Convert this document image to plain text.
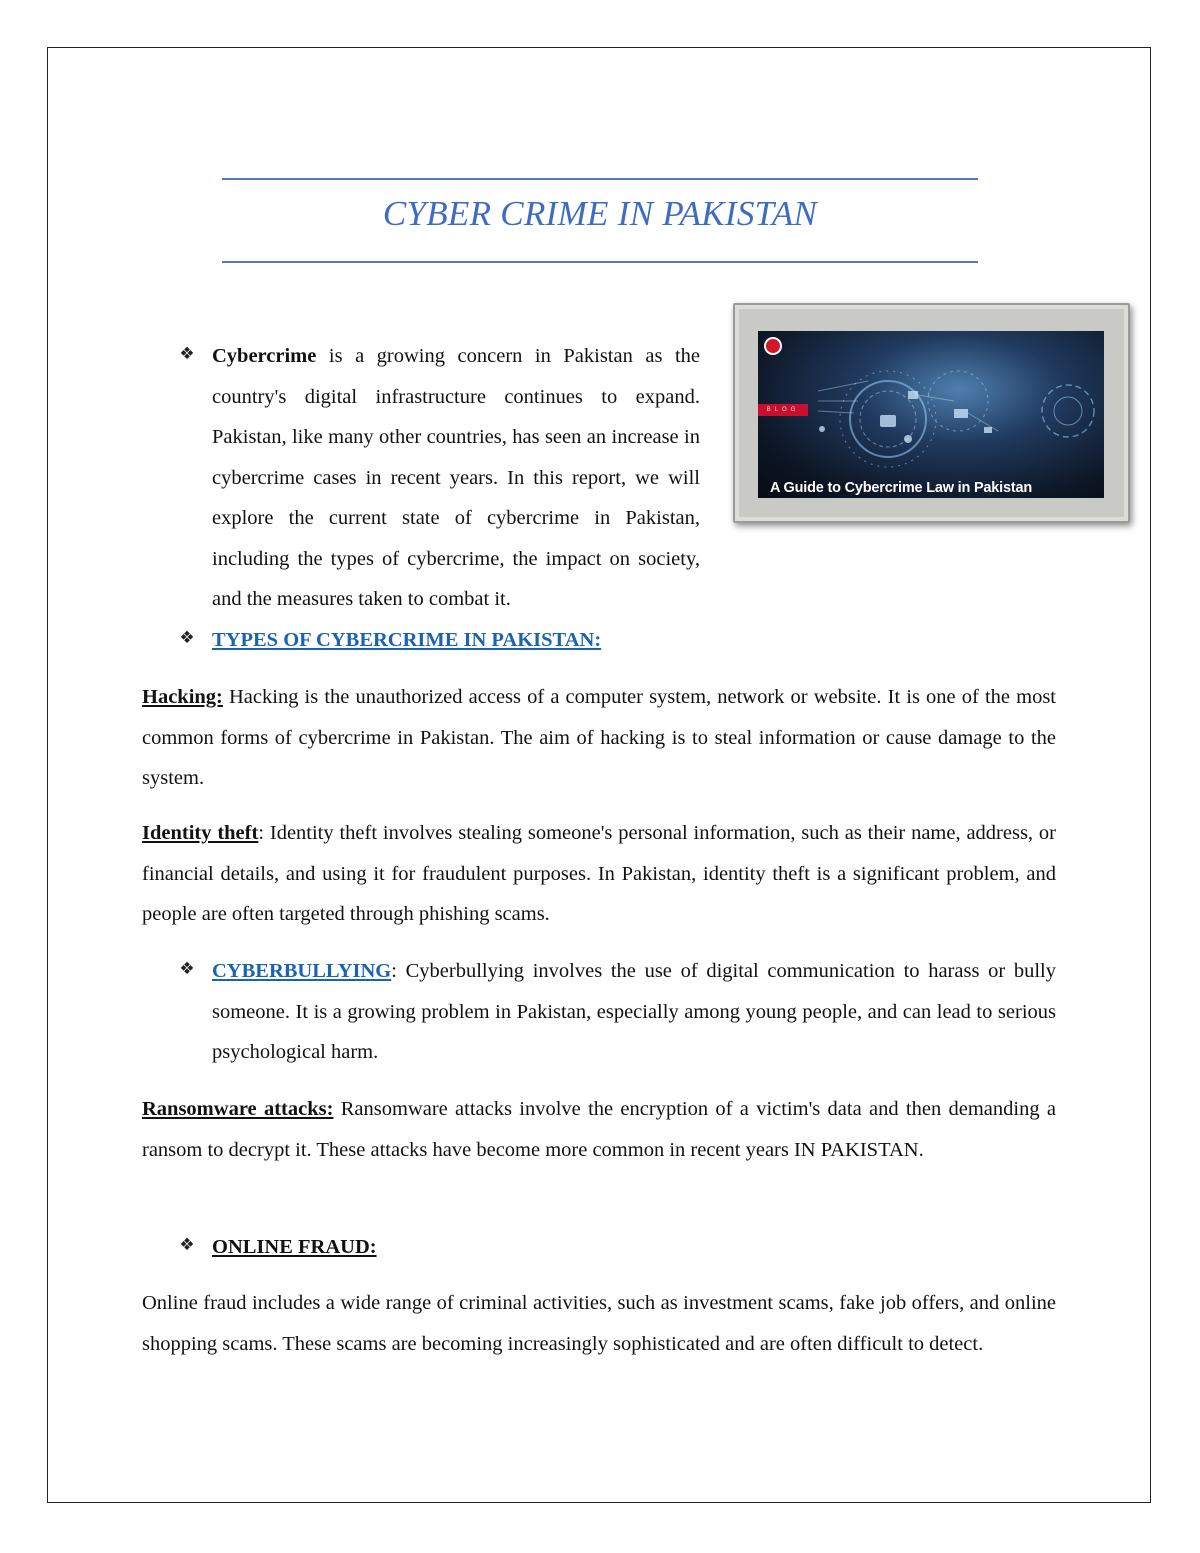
CYBER CRIME IN PAKISTAN
BLOG

A Guide to Cybercrime Law in Pakistan

❖ Cybercrime is a growing concern in Pakistan as the country's digital infrastructure continues to expand. Pakistan, like many other countries, has seen an increase in cybercrime cases in recent years. In this report, we will explore the current state of cybercrime in Pakistan, including the types of cybercrime, the impact on society, and the measures taken to combat it.

❖ TYPES OF CYBERCRIME IN PAKISTAN:

Hacking: Hacking is the unauthorized access of a computer system, network or website. It is one of the most common forms of cybercrime in Pakistan. The aim of hacking is to steal information or cause damage to the system.

Identity theft: Identity theft involves stealing someone's personal information, such as their name, address, or financial details, and using it for fraudulent purposes. In Pakistan, identity theft is a significant problem, and people are often targeted through phishing scams.

❖ CYBERBULLYING: Cyberbullying involves the use of digital communication to harass or bully someone. It is a growing problem in Pakistan, especially among young people, and can lead to serious psychological harm.

Ransomware attacks: Ransomware attacks involve the encryption of a victim's data and then demanding a ransom to decrypt it. These attacks have become more common in recent years IN PAKISTAN.

❖ ONLINE FRAUD:

Online fraud includes a wide range of criminal activities, such as investment scams, fake job offers, and online shopping scams. These scams are becoming increasingly sophisticated and are often difficult to detect.
